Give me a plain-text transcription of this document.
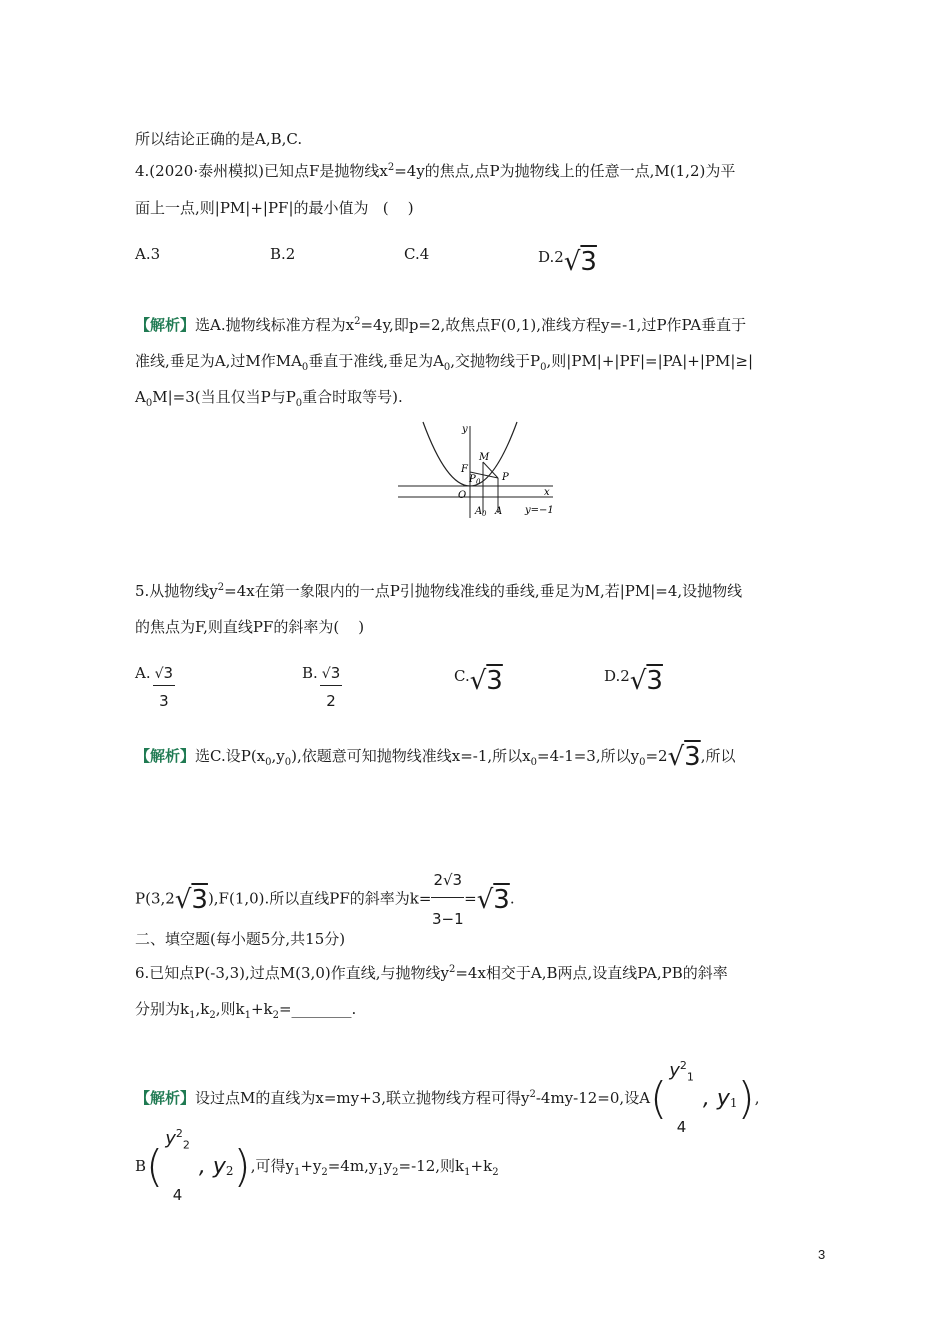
所以结论正确的是A,B,C.
4.(2020·泰州模拟)已知点F是抛物线$x^2=4y$的焦点,点P为抛物线上的任意一点,M(1,2)为平
面上一点,则|PM|+|PF|的最小值为   (    )
A.3	B.2	C.4	D.2√3
【解析】选A.抛物线标准方程为$x^2=4y$,即p=2,故焦点F(0,1),准线方程y=-1,过P作PA垂直于
准线,垂足为A,过M作$MA_0$垂直于准线,垂足为$A_0$,交抛物线于$P_0$,则|PM|+|PF|=|PA|+|PM|≥|
$A_0M|=3$(当且仅当P与$P_0$重合时取等号).
y
x
O
M
F
P 0 P
A 0 A y=−1
5.从抛物线$y^2=4x$在第一象限内的一点P引抛物线准线的垂线,垂足为M,若|PM|=4,设抛物线
的焦点为F,则直线PF的斜率为(    )
A. $\frac{√3}{3}$	B. $\frac{√3}{2}$	C.√3	D.2√3
【解析】选C.设$P(x_0,y_0)$,依题意可知抛物线准线x=-1,所以$x_0=4-1=3$,所以$y_0=2√3$,所以
P(3,2√3),F(1,0).所以直线PF的斜率为$k= \frac{2√3}{3-1} =√3$.
二、填空题(每小题5分,共15分)
6.已知点P(-3,3),过点M(3,0)作直线,与抛物线$y^2=4x$相交于A,B两点,设直线PA,PB的斜率
分别为$k_1,k_2$,则$k_1+k_2=\_\_\_\_\_\_\_\_$.
【解析】设过点M的直线为x=my+3,联立抛物线方程可得$y^2-4my-12=0$,设A(
$y^2_1$
4
, $y_1$),
B(
$y^2_2$
4
, $y_2$),可得$y_1+y_2=4m,y_1y_2=-12$,则$k_1+k_2$
3
